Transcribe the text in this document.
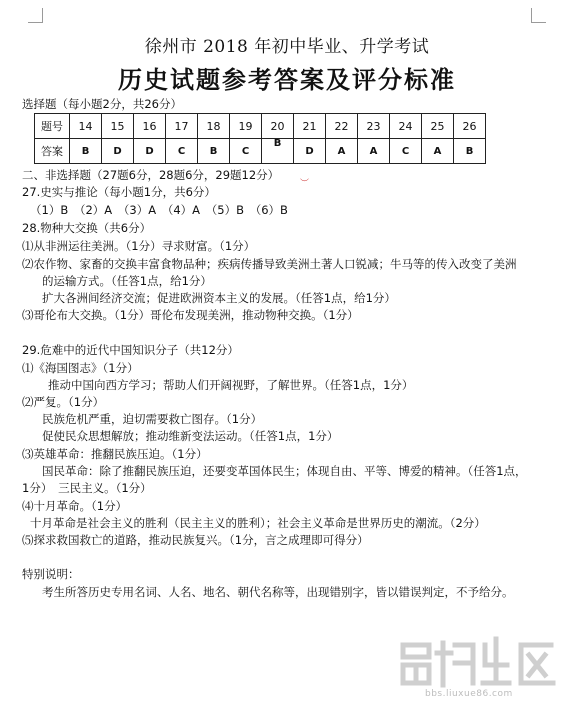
徐州市 2018 年初中毕业、升学考试
历史试题参考答案及评分标准
选择题（每小题2分，共26分）
题号	14	15	16	17	18	19	20	21	22	23	24	25	26
答案	B	D	D	C	B	C	B	D	A	A	C	A	B
二、非选择题（27题6分，28题6分，29题12分）
︶
27.史实与推论（每小题1分，共6分）
（1）B　（2）A　（3）A　（4）A　（5）B　（6）B
28.物种大交换（共6分）
⑴从非洲运往美洲。（1分）寻求财富。（1分）
⑵农作物、家畜的交换丰富食物品种；疾病传播导致美洲土著人口锐减；牛马等的传入改变了美洲
的运输方式。（任答1点，给1分）
扩大各洲间经济交流；促进欧洲资本主义的发展。（任答1点，给1分）
⑶哥伦布大交换。（1分）哥伦布发现美洲，推动物种交换。（1分）
29.危难中的近代中国知识分子（共12分）
⑴《海国图志》（1分）
推动中国向西方学习；帮助人们开阔视野，了解世界。（任答1点，1分）
⑵严复。（1分）
民族危机严重，迫切需要救亡图存。（1分）
促使民众思想解放；推动维新变法运动。（任答1点，1分）
⑶英雄革命：推翻民族压迫。（1分）
国民革命：除了推翻民族压迫，还要变革国体民生；体现自由、平等、博爱的精神。（任答1点，
1分）　三民主义。（1分）
⑷十月革命。（1分）
十月革命是社会主义的胜利（民主主义的胜利）；社会主义革命是世界历史的潮流。（2分）
⑸探求救国救亡的道路，推动民族复兴。（1分，言之成理即可得分）
特别说明：
考生所答历史专用名词、人名、地名、朝代名称等，出现错别字，皆以错误判定，不予给分。
bbs.liuxue86.com
